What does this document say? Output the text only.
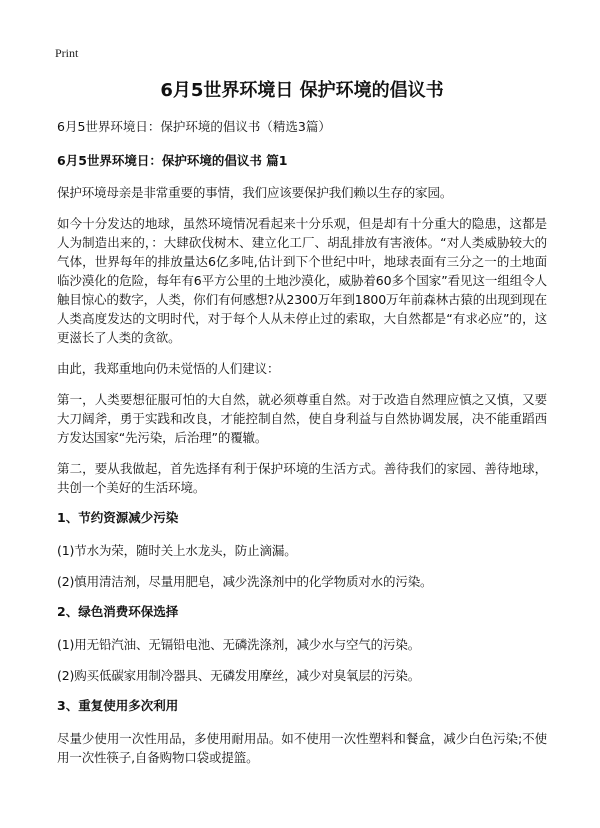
Print
6月5世界环境日 保护环境的倡议书
6月5世界环境日：保护环境的倡议书（精选3篇）
6月5世界环境日：保护环境的倡议书 篇1
保护环境母亲是非常重要的事情，我们应该要保护我们赖以生存的家园。
如今十分发达的地球，虽然环境情况看起来十分乐观，但是却有十分重大的隐患，这都是人为制造出来的，：大肆砍伐树木、建立化工厂、胡乱排放有害液体。“对人类威胁较大的气体，世界每年的排放量达6亿多吨,估计到下个世纪中叶，地球表面有三分之一的土地面临沙漠化的危险，每年有6平方公里的土地沙漠化，威胁着60多个国家”看见这一组组令人触目惊心的数字，人类，你们有何感想?从2300万年到1800万年前森林古猿的出现到现在人类高度发达的文明时代，对于每个人从未停止过的索取，大自然都是“有求必应”的，这更滋长了人类的贪欲。
由此，我郑重地向仍未觉悟的人们建议：
第一，人类要想征服可怕的大自然，就必须尊重自然。对于改造自然理应慎之又慎，又要大刀阔斧，勇于实践和改良，才能控制自然，使自身利益与自然协调发展，决不能重蹈西方发达国家“先污染，后治理”的覆辙。
第二，要从我做起，首先选择有利于保护环境的生活方式。善待我们的家园、善待地球，共创一个美好的生活环境。
1、节约资源减少污染
(1)节水为荣，随时关上水龙头，防止滴漏。
(2)慎用清洁剂，尽量用肥皂，减少洗涤剂中的化学物质对水的污染。
2、绿色消费环保选择
(1)用无铅汽油、无镉铅电池、无磷洗涤剂，减少水与空气的污染。
(2)购买低碳家用制冷器具、无磷发用摩丝，减少对臭氧层的污染。
3、重复使用多次利用
尽量少使用一次性用品，多使用耐用品。如不使用一次性塑料和餐盒，减少白色污染;不使用一次性筷子,自备购物口袋或提篮。
